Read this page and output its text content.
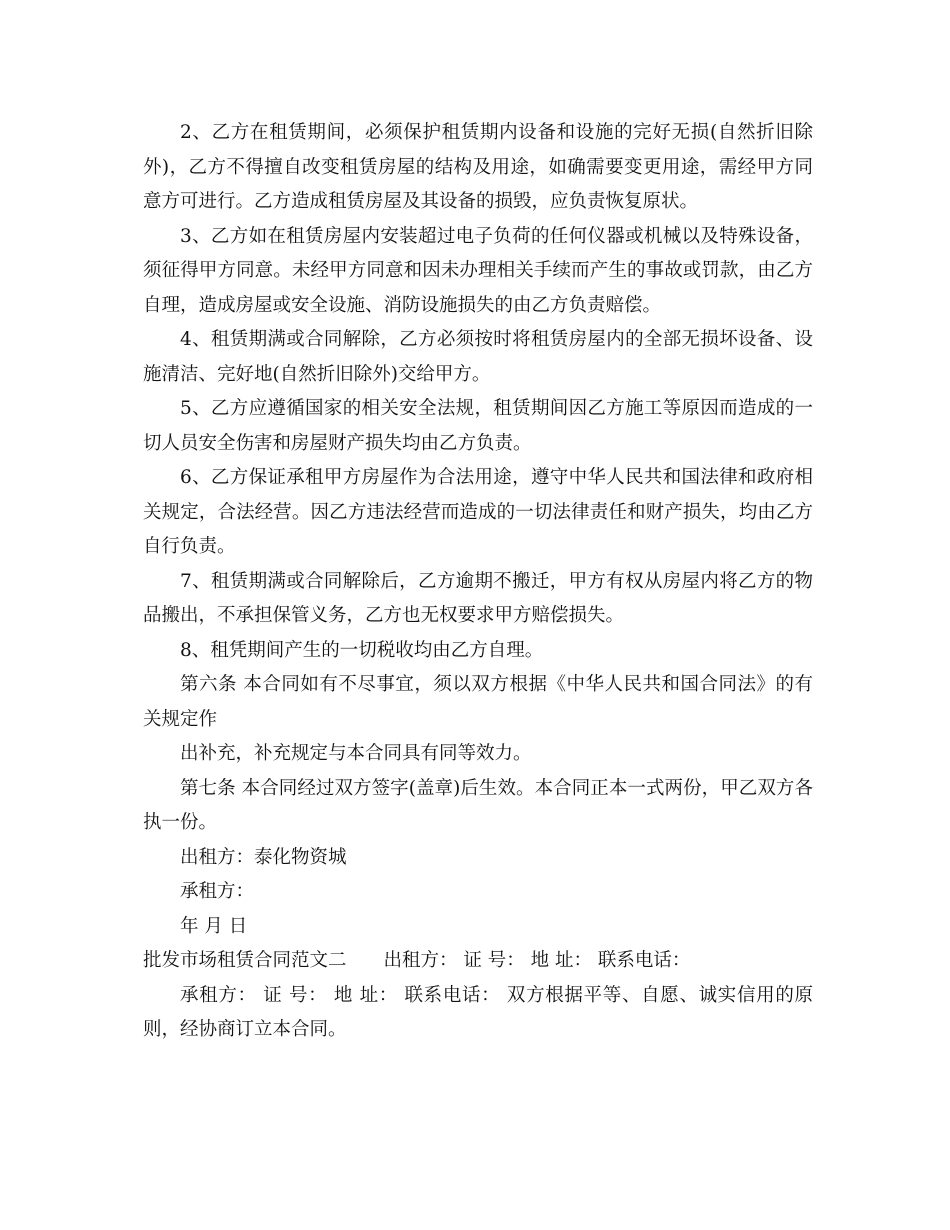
2、乙方在租赁期间，必须保护租赁期内设备和设施的完好无损(自然折旧除外)，乙方不得擅自改变租赁房屋的结构及用途，如确需要变更用途，需经甲方同意方可进行。乙方造成租赁房屋及其设备的损毁，应负责恢复原状。

3、乙方如在租赁房屋内安装超过电子负荷的任何仪器或机械以及特殊设备，须征得甲方同意。未经甲方同意和因未办理相关手续而产生的事故或罚款，由乙方自理，造成房屋或安全设施、消防设施损失的由乙方负责赔偿。

4、租赁期满或合同解除，乙方必须按时将租赁房屋内的全部无损坏设备、设施清洁、完好地(自然折旧除外)交给甲方。

5、乙方应遵循国家的相关安全法规，租赁期间因乙方施工等原因而造成的一切人员安全伤害和房屋财产损失均由乙方负责。

6、乙方保证承租甲方房屋作为合法用途，遵守中华人民共和国法律和政府相关规定，合法经营。因乙方违法经营而造成的一切法律责任和财产损失，均由乙方自行负责。

7、租赁期满或合同解除后，乙方逾期不搬迁，甲方有权从房屋内将乙方的物品搬出，不承担保管义务，乙方也无权要求甲方赔偿损失。

8、租凭期间产生的一切税收均由乙方自理。

第六条 本合同如有不尽事宜，须以双方根据《中华人民共和国合同法》的有关规定作

出补充，补充规定与本合同具有同等效力。

第七条 本合同经过双方签字(盖章)后生效。本合同正本一式两份，甲乙双方各执一份。

出租方：泰化物资城

承租方：

年 月 日

批发市场租赁合同范文二　　出租方： 证 号： 地 址： 联系电话：

承租方： 证 号： 地 址： 联系电话： 双方根据平等、自愿、诚实信用的原则，经协商订立本合同。
